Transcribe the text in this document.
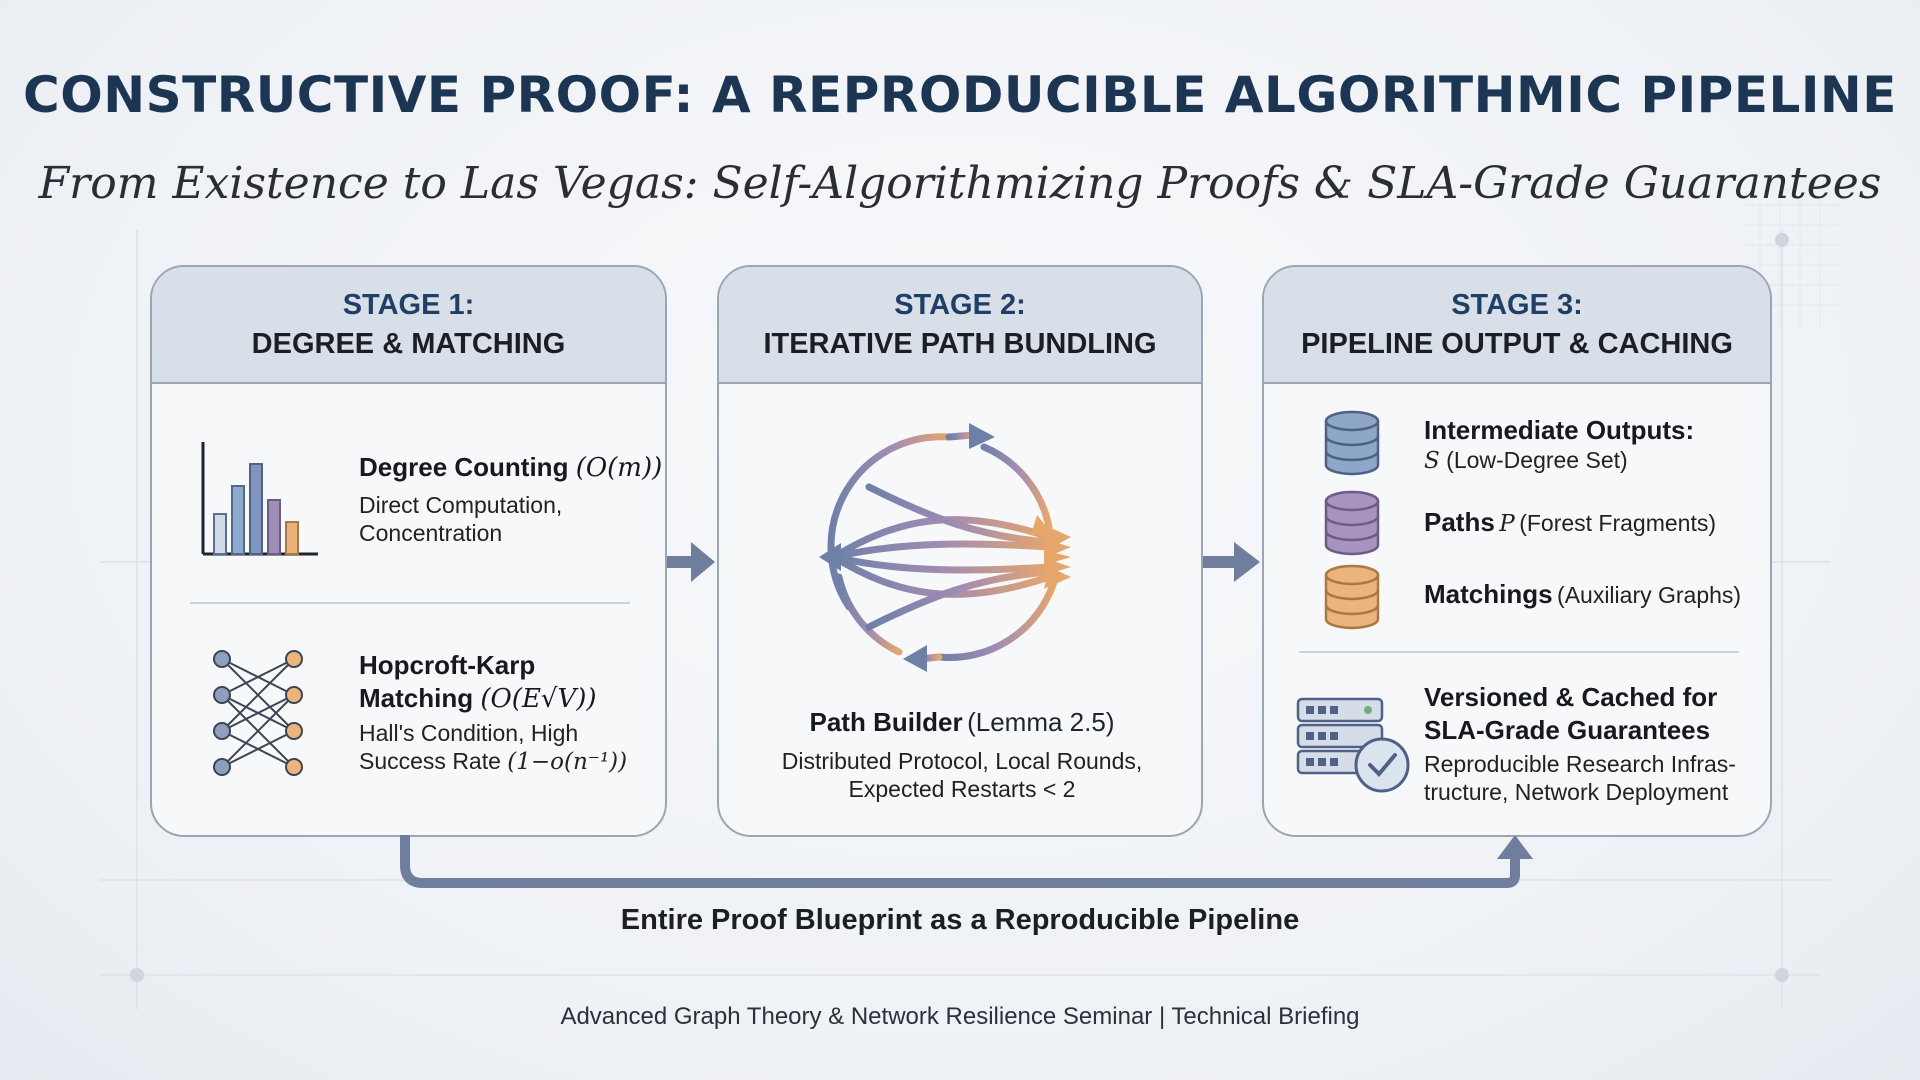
CONSTRUCTIVE PROOF: A REPRODUCIBLE ALGORITHMIC PIPELINE
From Existence to Las Vegas: Self-Algorithmizing Proofs & SLA-Grade Guarantees
STAGE 1:
DEGREE & MATCHING
Degree Counting (O(m))
Direct Computation,
Concentration
Hopcroft-Karp
Matching (O(E√V))
Hall's Condition, High
Success Rate (1−o(n⁻¹))
STAGE 2:
ITERATIVE PATH BUNDLING
Path Builder (Lemma 2.5)
Distributed Protocol, Local Rounds,
Expected Restarts < 2
STAGE 3:
PIPELINE OUTPUT & CACHING
Intermediate Outputs:
S (Low-Degree Set)
Paths P (Forest Fragments)
Matchings (Auxiliary Graphs)
Versioned & Cached for
SLA-Grade Guarantees
Reproducible Research Infras-
tructure, Network Deployment
Entire Proof Blueprint as a Reproducible Pipeline
Advanced Graph Theory & Network Resilience Seminar | Technical Briefing
